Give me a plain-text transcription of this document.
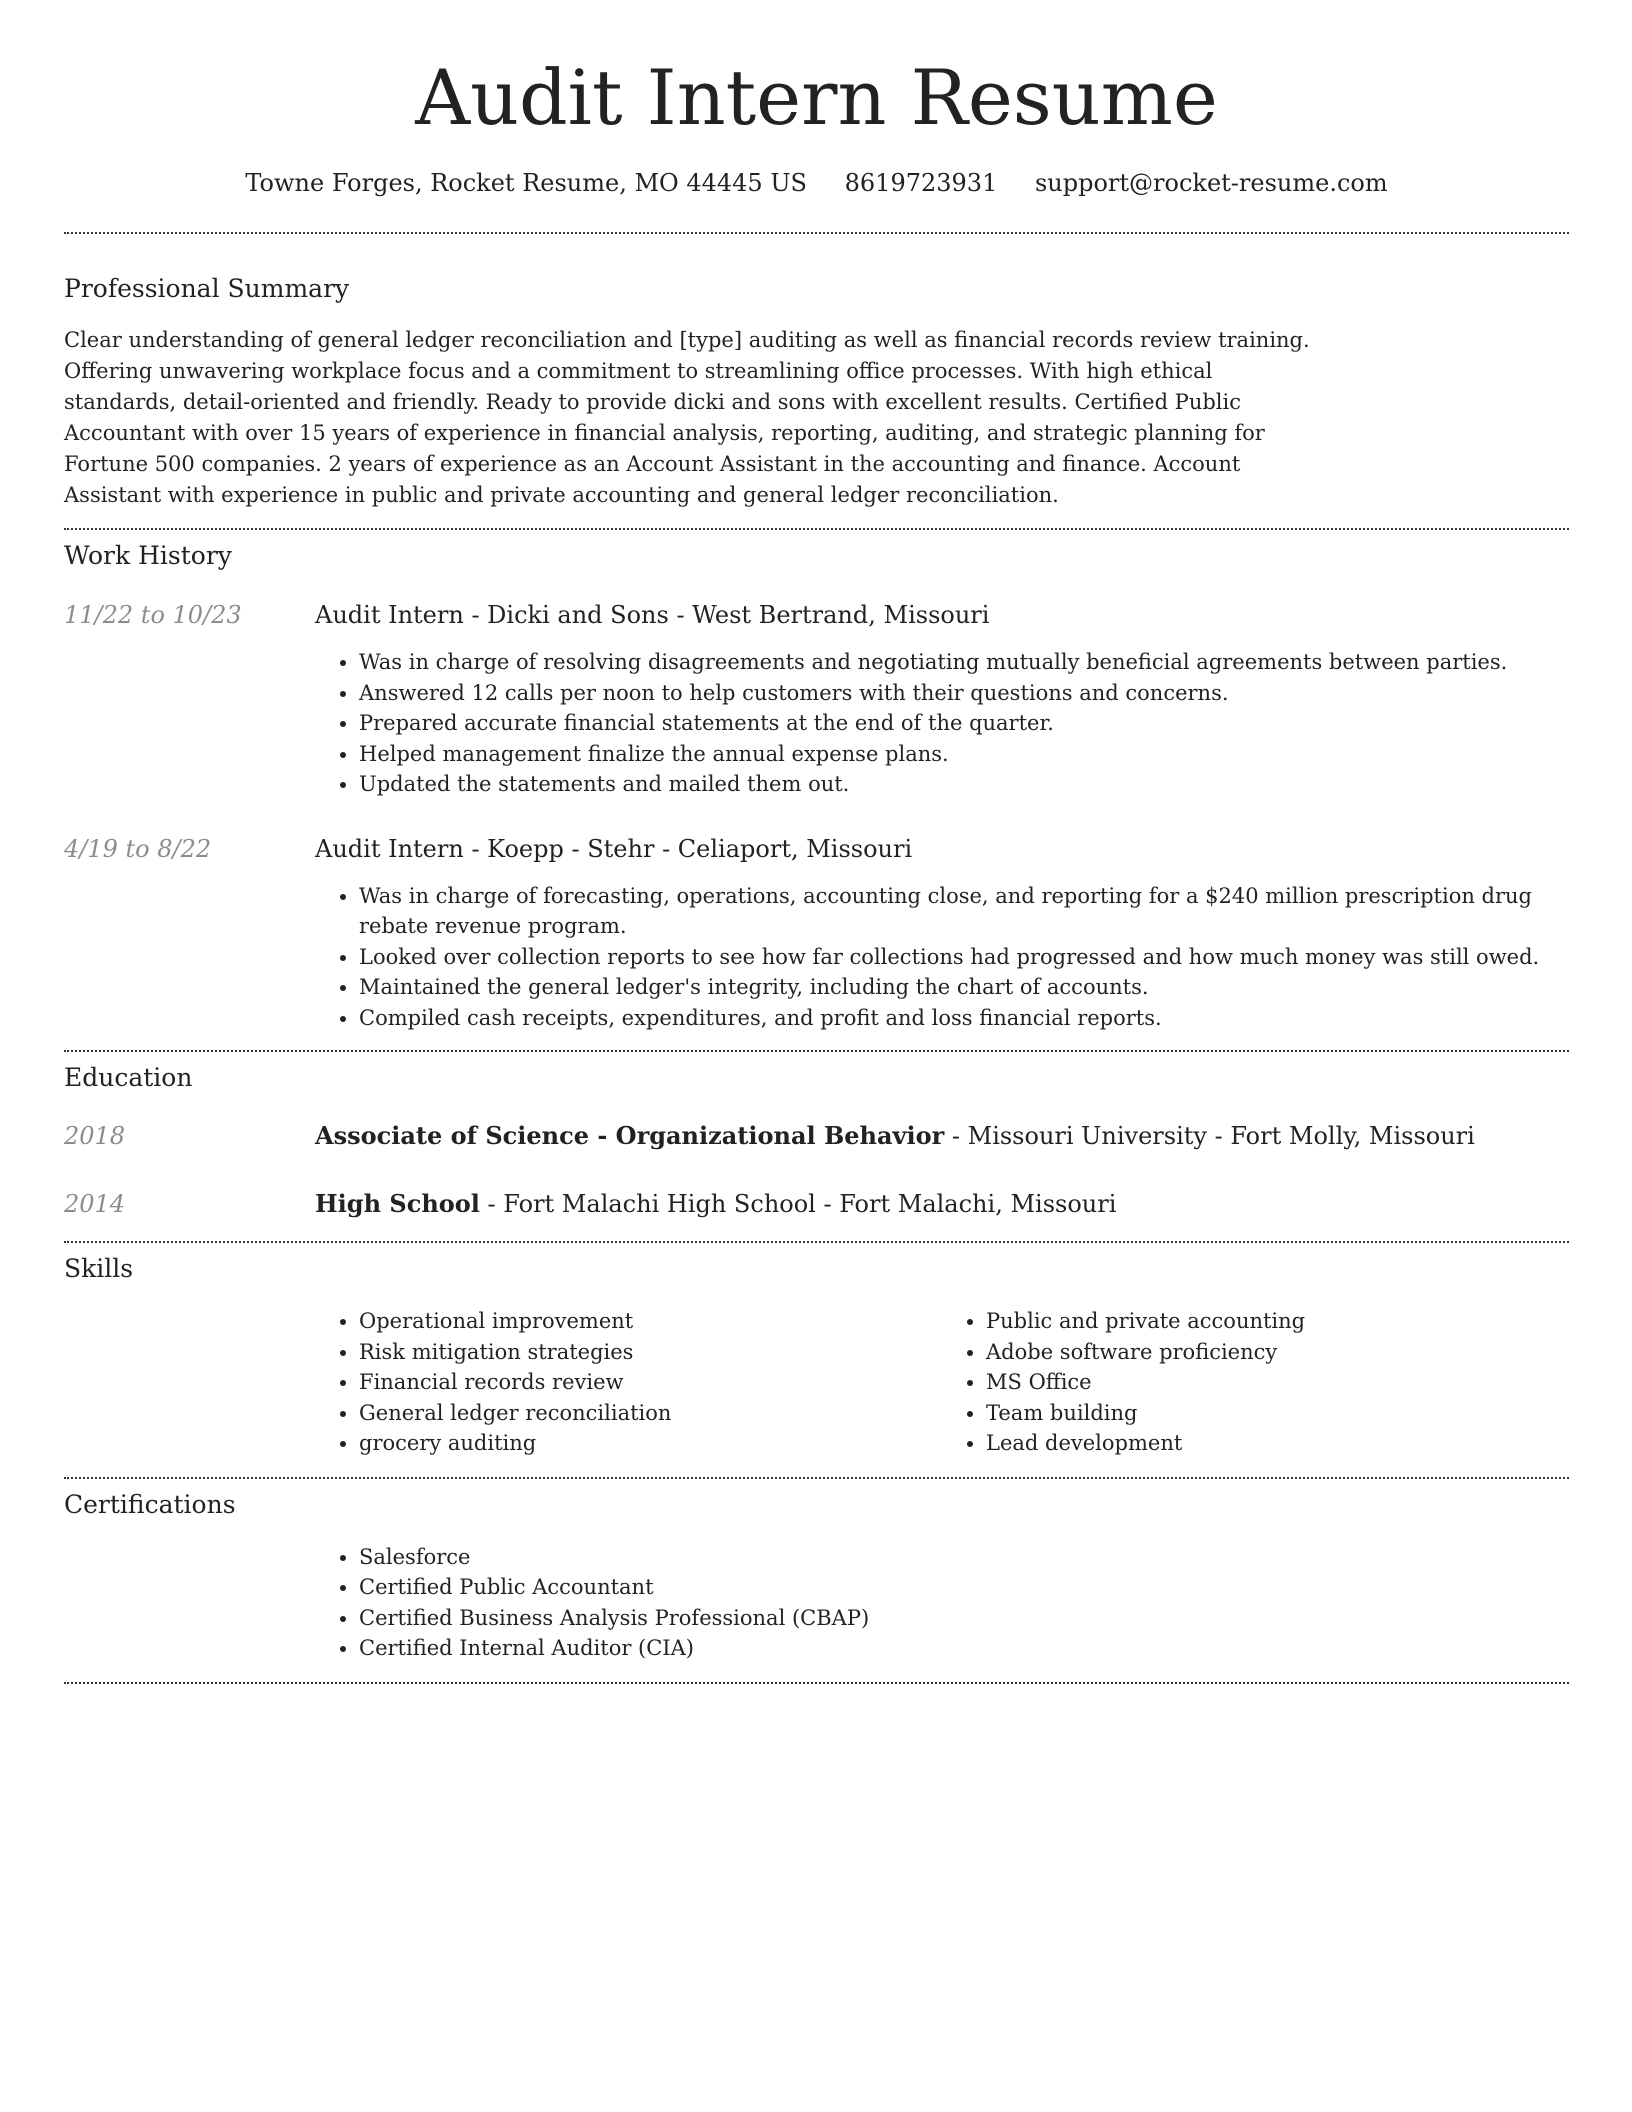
Audit Intern Resume
Towne Forges, Rocket Resume, MO 44445 US 8619723931 support@rocket-resume.com
Professional Summary

Clear understanding of general ledger reconciliation and [type] auditing as well as financial records review training. Offering unwavering workplace focus and a commitment to streamlining office processes. With high ethical standards, detail-oriented and friendly. Ready to provide dicki and sons with excellent results. Certified Public Accountant with over 15 years of experience in financial analysis, reporting, auditing, and strategic planning for Fortune 500 companies. 2 years of experience as an Account Assistant in the accounting and finance. Account Assistant with experience in public and private accounting and general ledger reconciliation.

Work History
11/22 to 10/23	Audit Intern - Dicki and Sons - West Bertrand, Missouri
• Was in charge of resolving disagreements and negotiating mutually beneficial agreements between parties.
• Answered 12 calls per noon to help customers with their questions and concerns.
• Prepared accurate financial statements at the end of the quarter.
• Helped management finalize the annual expense plans.
• Updated the statements and mailed them out.
4/19 to 8/22	Audit Intern - Koepp - Stehr - Celiaport, Missouri
• Was in charge of forecasting, operations, accounting close, and reporting for a $240 million prescription drug rebate revenue program.
• Looked over collection reports to see how far collections had progressed and how much money was still owed.
• Maintained the general ledger's integrity, including the chart of accounts.
• Compiled cash receipts, expenditures, and profit and loss financial reports.
Education
2018	Associate of Science - Organizational Behavior - Missouri University - Fort Molly, Missouri
2014	High School - Fort Malachi High School - Fort Malachi, Missouri
Skills
• Operational improvement
• Risk mitigation strategies
• Financial records review
• General ledger reconciliation
• grocery auditing
• Public and private accounting
• Adobe software proficiency
• MS Office
• Team building
• Lead development
Certifications
• Salesforce
• Certified Public Accountant
• Certified Business Analysis Professional (CBAP)
• Certified Internal Auditor (CIA)
